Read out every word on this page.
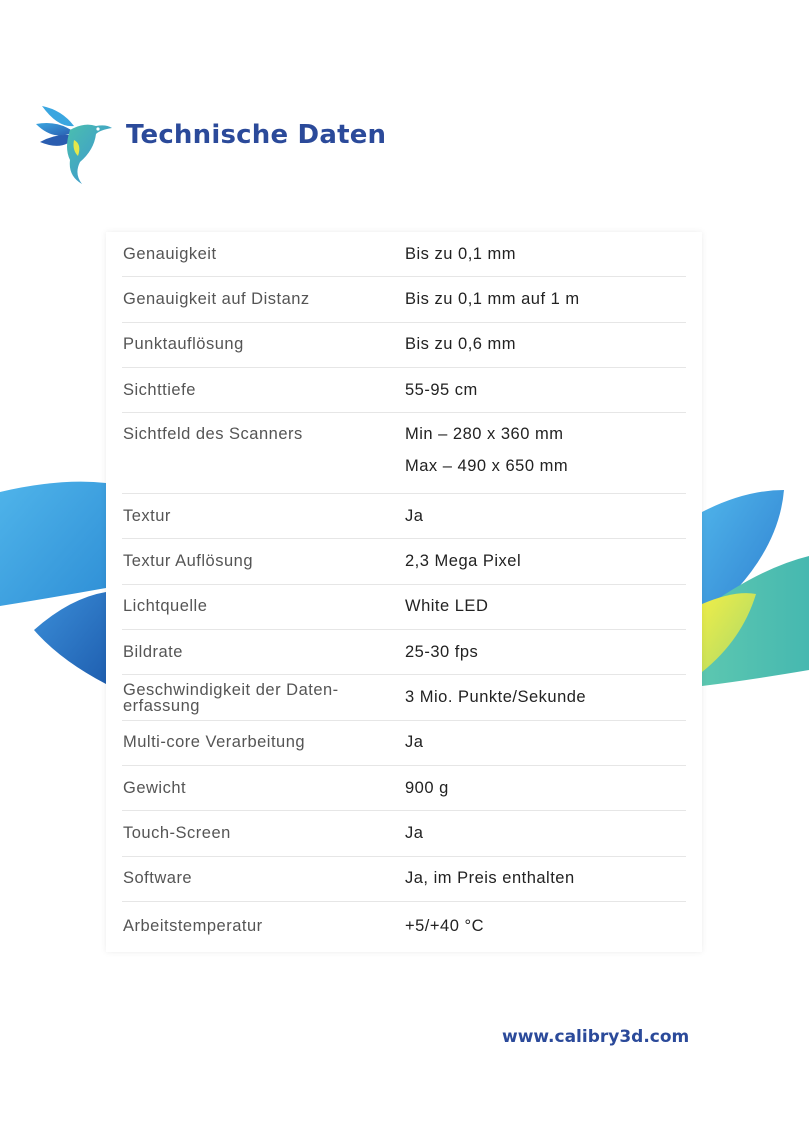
Technische Daten
Genauigkeit	Bis zu 0,1 mm
Genauigkeit auf Distanz	Bis zu 0,1 mm auf 1 m
Punktauflösung	Bis zu 0,6 mm
Sichttiefe	55-95 cm
Sichtfeld des Scanners	Min – 280 x 360 mm
Max – 490 x 650 mm
Textur	Ja
Textur Auflösung	2,3 Mega Pixel
Lichtquelle	White LED
Bildrate	25-30 fps
Geschwindigkeit der Daten-
erfassung	3 Mio. Punkte/Sekunde
Multi-core Verarbeitung	Ja
Gewicht	900 g
Touch-Screen	Ja
Software	Ja, im Preis enthalten
Arbeitstemperatur	+5/+40 °C
www.calibry3d.com
